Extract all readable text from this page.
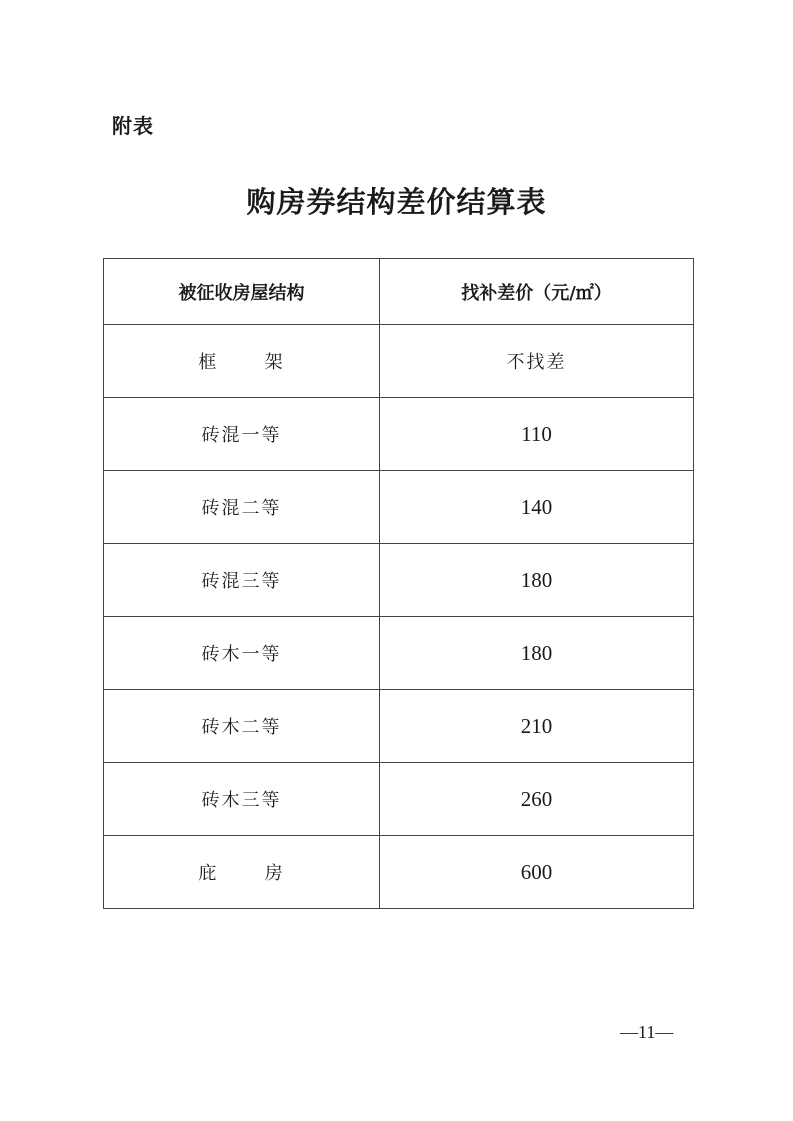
附表
购房券结构差价结算表
被征收房屋结构	找补差价（元/㎡）
框      架	不找差
砖混一等	110
砖混二等	140
砖混三等	180
砖木一等	180
砖木二等	210
砖木三等	260
庇      房	600
—11—
